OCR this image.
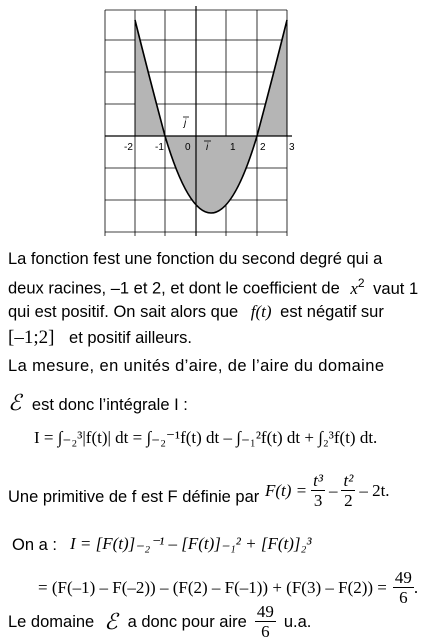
-2 -1 0	1 2 3
j
i
La fonction fest une fonction du second degré qui a
deux racines, –1 et 2, et dont le coefficient de $x^2$ vaut 1
qui est positif. On sait alors que f(t) est négatif sur
[–1;2] et positif ailleurs.
La mesure, en unités d’aire, de l’aire du domaine
ℰ est donc l’intégrale I :
I = ∫₋₂³|f(t)| dt = ∫₋₂⁻¹f(t) dt – ∫₋₁²f(t) dt + ∫₂³f(t) dt.
Une primitive de f est F définie par $F(t) = \frac{\text{t³}}{3} - \frac{\text{t²}}{2} - 2t$.
On a : I = [F(t)]₋₂⁻¹ – [F(t)]₋₁² + [F(t)]₂³
= $(F(-1) - F(-2)) - (F(2) - F(-1)) + (F(3) - F(2)) = \frac{49}{6}$ .
Le domaine ℰ a donc pour aire $\frac{49}{6} u.a$.
